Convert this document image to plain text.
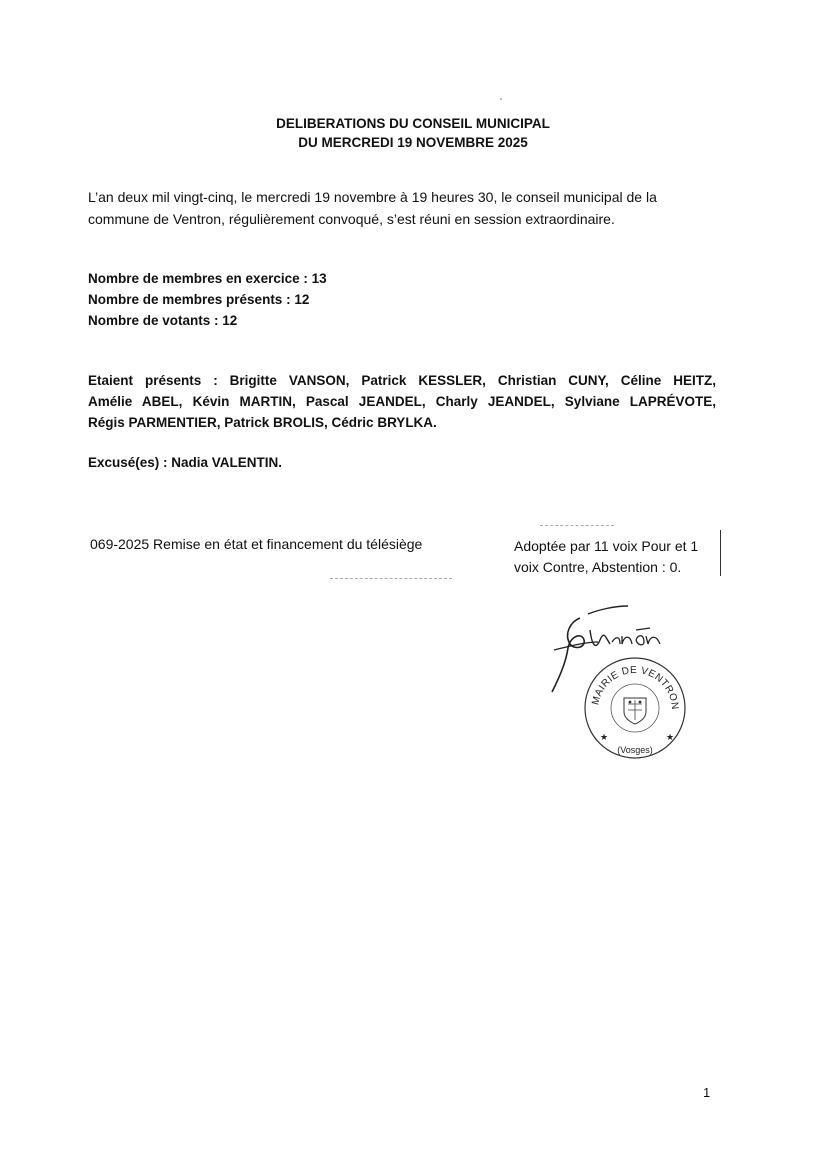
DELIBERATIONS DU CONSEIL MUNICIPAL
DU MERCREDI 19 NOVEMBRE 2025
L’an deux mil vingt-cinq, le mercredi 19 novembre à 19 heures 30, le conseil municipal de la
commune de Ventron, régulièrement convoqué, s’est réuni en session extraordinaire.
Nombre de membres en exercice : 13
Nombre de membres présents : 12
Nombre de votants : 12
Etaient présents : Brigitte VANSON, Patrick KESSLER, Christian CUNY, Céline HEITZ,
Amélie ABEL, Kévin MARTIN, Pascal JEANDEL, Charly JEANDEL, Sylviane LAPRÉVOTE,
Régis PARMENTIER, Patrick BROLIS, Cédric BRYLKA.
Excusé(es) : Nadia VALENTIN.
069-2025 Remise en état et financement du télésiège	Adoptée par 11 voix Pour et 1
voix Contre, Abstention : 0.
MAIRIE DE VENTRON
★	★
(Vosges)
1
